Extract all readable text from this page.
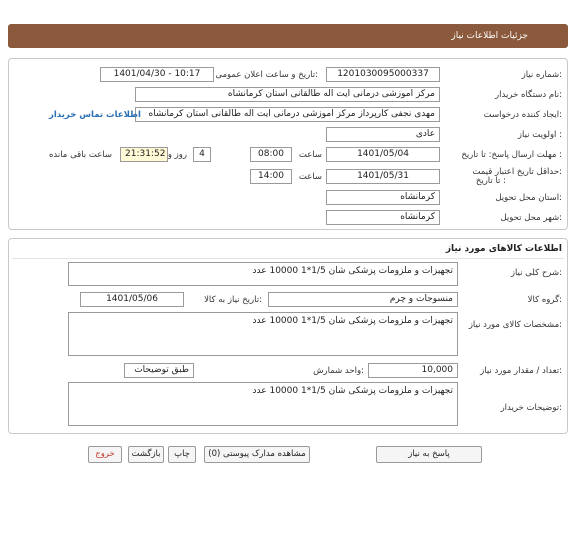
جزئیات اطلاعات نیاز
شماره نیاز:
1201030095000337
تاریخ و ساعت اعلان عمومی:
1401/04/30 - 10:17
نام دستگاه خریدار:
مرکز اموزشی درمانی ایت اله طالقانی استان کرمانشاه
ایجاد کننده درخواست:
مهدی نجفی کارپرداز مرکز اموزشی درمانی ایت اله طالقانی استان کرمانشاه
اطلاعات تماس خریدار
اولویت نیاز :
عادی
مهلت ارسال پاسخ: تا تاریخ :
1401/05/04
ساعت
08:00
4
روز و
21:31:52
ساعت باقی مانده
حداقل تاریخ اعتبار قیمت:
تا تاریخ :
1401/05/31
ساعت
14:00
استان محل تحویل:
کرمانشاه
شهر محل تحویل:
کرمانشاه
اطلاعات کالاهای مورد نیاز
شرح کلی نیاز:
تجهیزات و ملزومات پزشکی شان 1/5*1 10000 عدد
گروه کالا:
منسوجات و چرم
تاریخ نیاز به کالا:
1401/05/06
مشخصات کالای مورد نیاز:
تجهیزات و ملزومات پزشکی شان 1/5*1 10000 عدد
تعداد / مقدار مورد نیاز:
10,000
واحد شمارش:
طبق توضیحات
توضیحات خریدار:
تجهیزات و ملزومات پزشکی شان 1/5*1 10000 عدد
پاسخ به نیاز
مشاهده مدارک پیوستی (0)
چاپ
بازگشت
خروج
